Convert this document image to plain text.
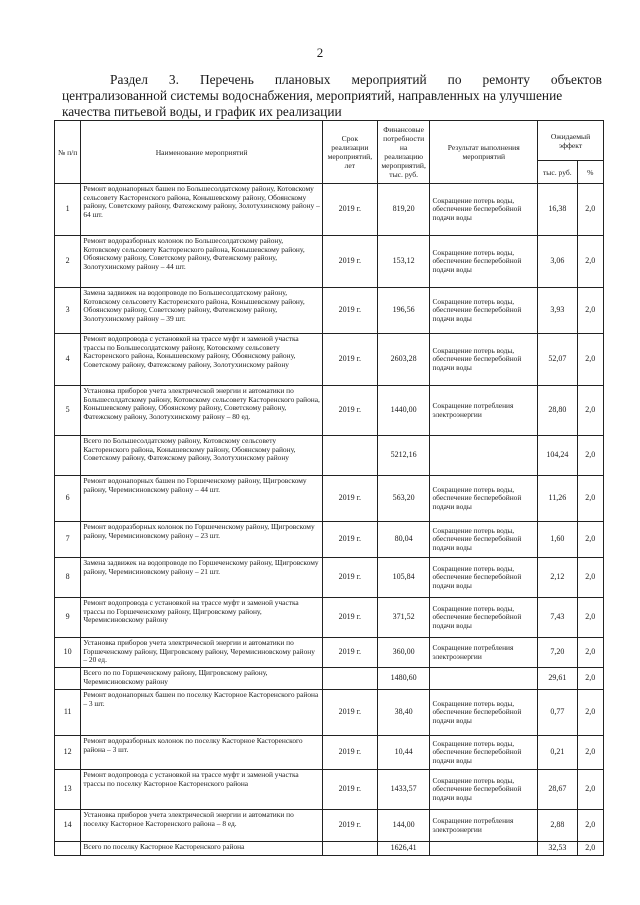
2
Раздел 3. Перечень плановых мероприятий по ремонту объектов
централизованной системы водоснабжения, мероприятий, направленных на улучшение
качества питьевой воды, и график их реализации
№ п/п	Наименование мероприятий	Срок реализации мероприятий, лет	Финансовые потребности на реализацию мероприятий, тыс. руб.	Результат выполнения мероприятий	Ожидаемый эффект	
					тыс. руб.	%
1	Ремонт водонапорных башен по Большесолдатскому району, Котовскому сельсовету Касторенского района, Конышевскому району, Обоянскому району, Советскому району, Фатежскому району, Золотухинскому району – 64 шт.	2019 г.	819,20	Сокращение потерь воды, обеспечение бесперебойной подачи воды	16,38	2,0
2	Ремонт водоразборных колонок по Большесолдатскому району, Котовскому сельсовету Касторенского района, Конышевскому району, Обоянскому району, Советскому району, Фатежскому району, Золотухинскому району – 44 шт.	2019 г.	153,12	Сокращение потерь воды, обеспечение бесперебойной подачи воды	3,06	2,0
3	Замена задвижек на водопроводе по Большесолдатскому району, Котовскому сельсовету Касторенского района, Конышевскому району, Обоянскому району, Советскому району, Фатежскому району, Золотухинскому району – 39 шт.	2019 г.	196,56	Сокращение потерь воды, обеспечение бесперебойной подачи воды	3,93	2,0
4	Ремонт водопровода с установкой на трассе муфт и заменой участка трассы по Большесолдатскому району, Котовскому сельсовету Касторенского района, Конышевскому району, Обоянскому району, Советскому району, Фатежскому району, Золотухинскому району	2019 г.	2603,28	Сокращение потерь воды, обеспечение бесперебойной подачи воды	52,07	2,0
5	Установка приборов учета электрической энергии и автоматики по Большесолдатскому району, Котовскому сельсовету Касторенского района, Конышевскому району, Обоянскому району, Советскому району, Фатежскому району, Золотухинскому району – 80 ед.	2019 г.	1440,00	Сокращение потребления электроэнергии	28,80	2,0
	Всего по Большесолдатскому району, Котовскому сельсовету Касторенского района, Конышевскому району, Обоянскому району, Советскому району, Фатежскому району, Золотухинскому району		5212,16		104,24	2,0
6	Ремонт водонапорных башен по Горшеченскому району, Щигровскому району, Черемисиновскому району – 44 шт.	2019 г.	563,20	Сокращение потерь воды, обеспечение бесперебойной подачи воды	11,26	2,0
7	Ремонт водоразборных колонок по Горшеченскому району, Щигровскому району, Черемисиновскому району – 23 шт.	2019 г.	80,04	Сокращение потерь воды, обеспечение бесперебойной подачи воды	1,60	2,0
8	Замена задвижек на водопроводе по Горшеченскому району, Щигровскому району, Черемисиновскому району – 21 шт.	2019 г.	105,84	Сокращение потерь воды, обеспечение бесперебойной подачи воды	2,12	2,0
9	Ремонт водопровода с установкой на трассе муфт и заменой участка трассы по Горшеченскому району, Щигровскому району, Черемисиновскому району	2019 г.	371,52	Сокращение потерь воды, обеспечение бесперебойной подачи воды	7,43	2,0
10	Установка приборов учета электрической энергии и автоматики по Горшеченскому району, Щигровскому району, Черемисиновскому району – 20 ед.	2019 г.	360,00	Сокращение потребления электроэнергии	7,20	2,0
	Всего по по Горшеченскому району, Щигровскому району, Черемисиновскому району		1480,60		29,61	2,0
11	Ремонт водонапорных башен по поселку Касторное Касторенского района – 3 шт.	2019 г.	38,40	Сокращение потерь воды, обеспечение бесперебойной подачи воды	0,77	2,0
12	Ремонт водоразборных колонок по поселку Касторное Касторенского района – 3 шт.	2019 г.	10,44	Сокращение потерь воды, обеспечение бесперебойной подачи воды	0,21	2,0
13	Ремонт водопровода с установкой на трассе муфт и заменой участка трассы по поселку Касторное Касторенского района	2019 г.	1433,57	Сокращение потерь воды, обеспечение бесперебойной подачи воды	28,67	2,0
14	Установка приборов учета электрической энергии и автоматики по поселку Касторное Касторенского района – 8 ед.	2019 г.	144,00	Сокращение потребления электроэнергии	2,88	2,0
	Всего по поселку Касторное Касторенского района		1626,41		32,53	2,0
